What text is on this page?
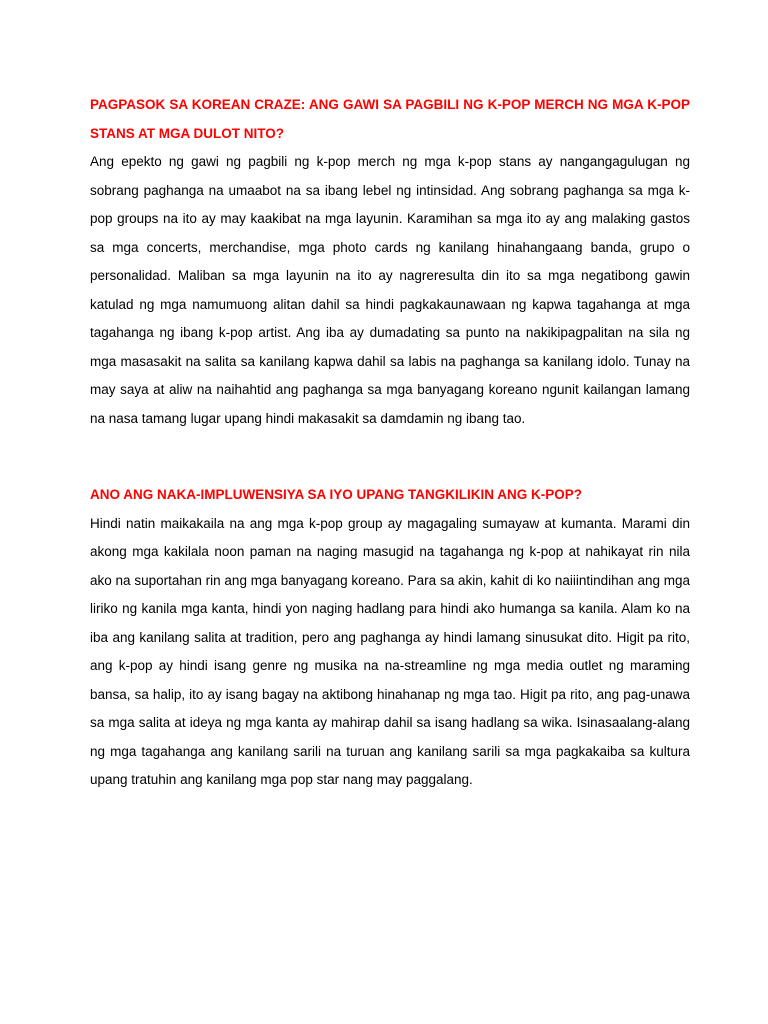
PAGPASOK SA KOREAN CRAZE: ANG GAWI SA PAGBILI NG K-POP MERCH NG MGA K-POP STANS AT MGA DULOT NITO?

Ang epekto ng gawi ng pagbili ng k-pop merch ng mga k-pop stans ay nangangagulugan ng sobrang paghanga na umaabot na sa ibang lebel ng intinsidad. Ang sobrang paghanga sa mga k-pop groups na ito ay may kaakibat na mga layunin. Karamihan sa mga ito ay ang malaking gastos sa mga concerts, merchandise, mga photo cards ng kanilang hinahangaang banda, grupo o personalidad. Maliban sa mga layunin na ito ay nagreresulta din ito sa mga negatibong gawin katulad ng mga namumuong alitan dahil sa hindi pagkakaunawaan ng kapwa tagahanga at mga tagahanga ng ibang k-pop artist. Ang iba ay dumadating sa punto na nakikipagpalitan na sila ng mga masasakit na salita sa kanilang kapwa dahil sa labis na paghanga sa kanilang idolo. Tunay na may saya at aliw na naihahtid ang paghanga sa mga banyagang koreano ngunit kailangan lamang na nasa tamang lugar upang hindi makasakit sa damdamin ng ibang tao.

ANO ANG NAKA-IMPLUWENSIYA SA IYO UPANG TANGKILIKIN ANG K-POP?

Hindi natin maikakaila na ang mga k-pop group ay magagaling sumayaw at kumanta. Marami din akong mga kakilala noon paman na naging masugid na tagahanga ng k-pop at nahikayat rin nila ako na suportahan rin ang mga banyagang koreano. Para sa akin, kahit di ko naiiintindihan ang mga liriko ng kanila mga kanta, hindi yon naging hadlang para hindi ako humanga sa kanila. Alam ko na iba ang kanilang salita at tradition, pero ang paghanga ay hindi lamang sinusukat dito. Higit pa rito, ang k-pop ay hindi isang genre ng musika na na-streamline ng mga media outlet ng maraming bansa, sa halip, ito ay isang bagay na aktibong hinahanap ng mga tao. Higit pa rito, ang pag-unawa sa mga salita at ideya ng mga kanta ay mahirap dahil sa isang hadlang sa wika. Isinasaalang-alang ng mga tagahanga ang kanilang sarili na turuan ang kanilang sarili sa mga pagkakaiba sa kultura upang tratuhin ang kanilang mga pop star nang may paggalang.
